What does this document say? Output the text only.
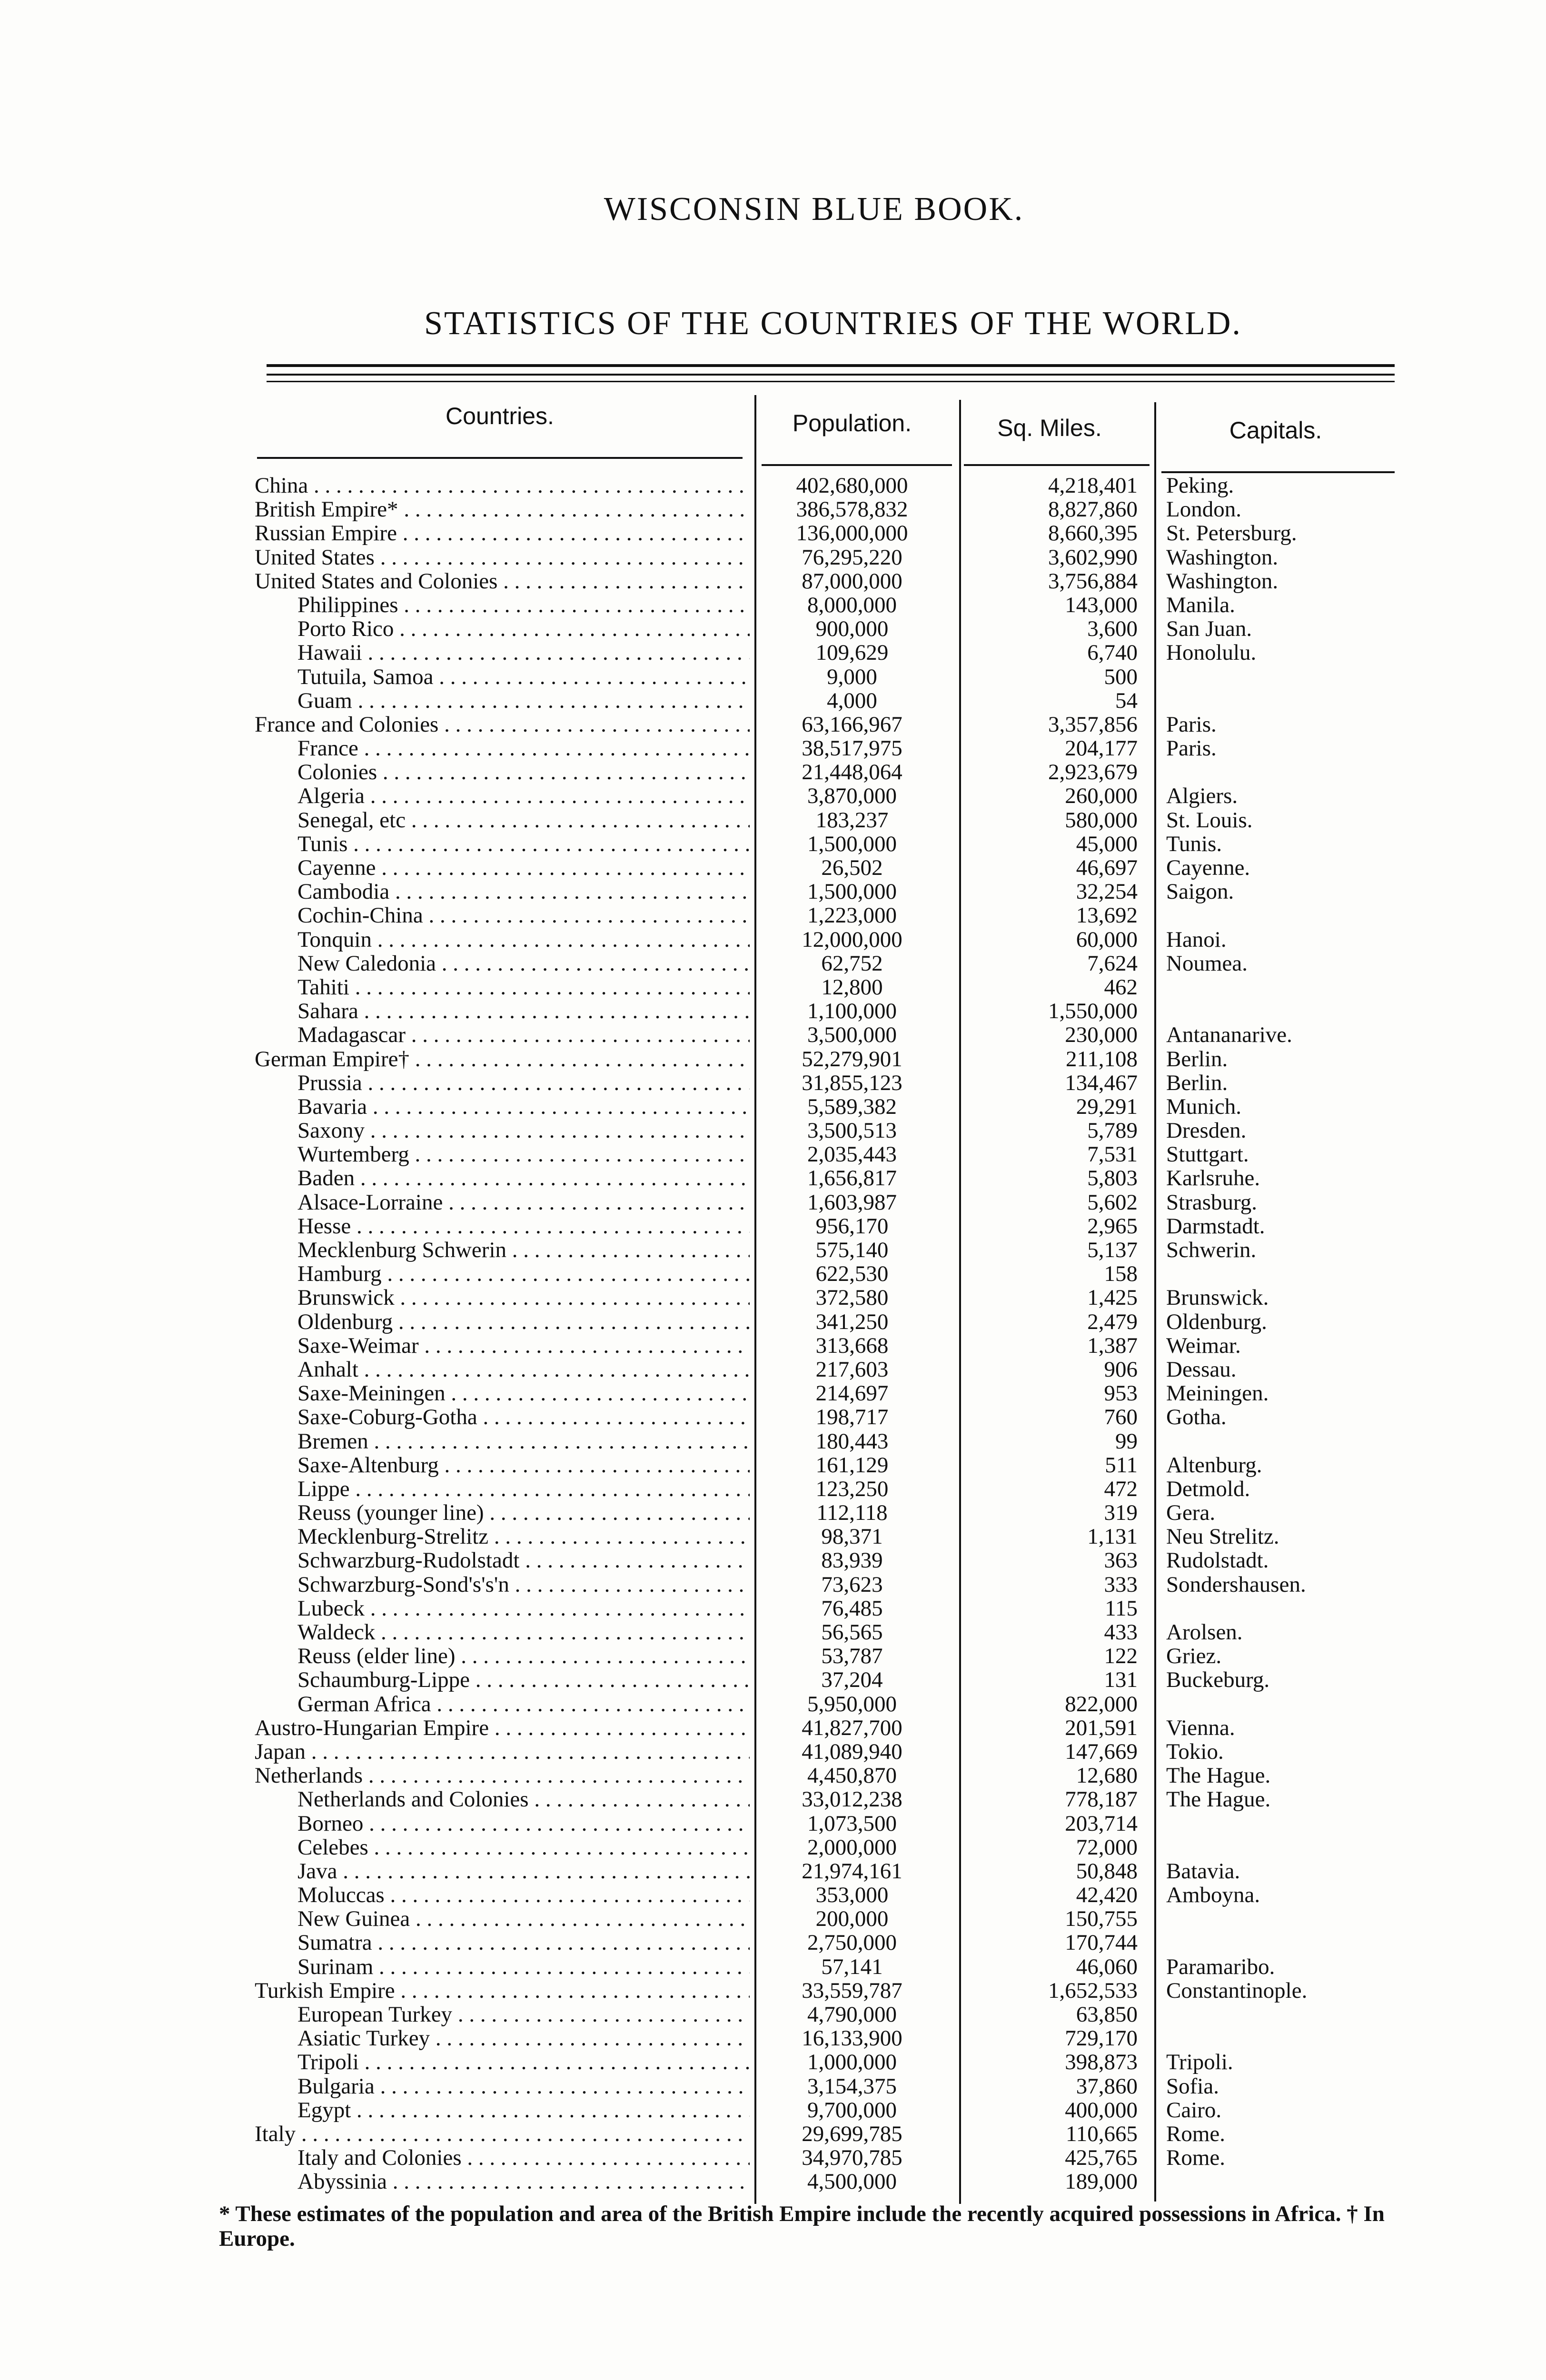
WISCONSIN BLUE BOOK.
STATISTICS OF THE COUNTRIES OF THE WORLD.
Countries.	Population.	Sq. Miles.	Capitals.
China . . .	402,680,000	4,218,401 Peking.
British Empire* . . .	386,578,832	8,827,860 London.
Russian Empire . . .	136,000,000	8,660,395 St. Petersburg.
United States . . .	76,295,220	3,602,990 Washington.
United States and Colonies . . .	87,000,000	3,756,884 Washington.
Philippines . . .	8,000,000	143,000 Manila.
Porto Rico . . .	900,000	3,600 San Juan.
Hawaii . . .	109,629	6,740 Honolulu.
Tutuila, Samoa . . .	9,000	500
Guam . . .	4,000	54
France and Colonies . . .	63,166,967	3,357,856 Paris.
France . . .	38,517,975	204,177 Paris.
Colonies . . .	21,448,064	2,923,679
Algeria . . .	3,870,000	260,000 Algiers.
Senegal, etc . . .	183,237	580,000 St. Louis.
Tunis . . .	1,500,000	45,000 Tunis.
Cayenne . . .	26,502	46,697 Cayenne.
Cambodia . . .	1,500,000	32,254 Saigon.
Cochin-China . . .	1,223,000	13,692
Tonquin . . .	12,000,000	60,000 Hanoi.
New Caledonia . . .	62,752	7,624 Noumea.
Tahiti . . .	12,800	462
Sahara . . .	1,100,000	1,550,000
Madagascar . . .	3,500,000	230,000 Antananarive.
German Empire† . . .	52,279,901	211,108 Berlin.
Prussia . . .	31,855,123	134,467 Berlin.
Bavaria . . .	5,589,382	29,291 Munich.
Saxony . . .	3,500,513	5,789 Dresden.
Wurtemberg . . .	2,035,443	7,531 Stuttgart.
Baden . . .	1,656,817	5,803 Karlsruhe.
Alsace-Lorraine . . .	1,603,987	5,602 Strasburg.
Hesse . . .	956,170	2,965 Darmstadt.
Mecklenburg Schwerin . . .	575,140	5,137 Schwerin.
Hamburg . . .	622,530	158
Brunswick . . .	372,580	1,425 Brunswick.
Oldenburg . . .	341,250	2,479 Oldenburg.
Saxe-Weimar . . .	313,668	1,387 Weimar.
Anhalt . . .	217,603	906 Dessau.
Saxe-Meiningen . . .	214,697	953 Meiningen.
Saxe-Coburg-Gotha . . .	198,717	760 Gotha.
Bremen . . .	180,443	99
Saxe-Altenburg . . .	161,129	511 Altenburg.
Lippe . . .	123,250	472 Detmold.
Reuss (younger line) . . .	112,118	319 Gera.
Mecklenburg-Strelitz . . .	98,371	1,131 Neu Strelitz.
Schwarzburg-Rudolstadt . . .	83,939	363 Rudolstadt.
Schwarzburg-Sond's's'n . . .	73,623	333 Sondershausen.
Lubeck . . .	76,485	115
Waldeck . . .	56,565	433 Arolsen.
Reuss (elder line) . . .	53,787	122 Griez.
Schaumburg-Lippe . . .	37,204	131 Buckeburg.
German Africa . . .	5,950,000	822,000
Austro-Hungarian Empire . . .	41,827,700	201,591 Vienna.
Japan . . .	41,089,940	147,669 Tokio.
Netherlands . . .	4,450,870	12,680 The Hague.
Netherlands and Colonies . . .	33,012,238	778,187 The Hague.
Borneo . . .	1,073,500	203,714
Celebes . . .	2,000,000	72,000
Java . . .	21,974,161	50,848 Batavia.
Moluccas . . .	353,000	42,420 Amboyna.
New Guinea . . .	200,000	150,755
Sumatra . . .	2,750,000	170,744
Surinam . . .	57,141	46,060 Paramaribo.
Turkish Empire . . .	33,559,787	1,652,533 Constantinople.
European Turkey . . .	4,790,000	63,850
Asiatic Turkey . . .	16,133,900	729,170
Tripoli . . .	1,000,000	398,873 Tripoli.
Bulgaria . . .	3,154,375	37,860 Sofia.
Egypt . . .	9,700,000	400,000 Cairo.
Italy . . .	29,699,785	110,665 Rome.
Italy and Colonies . . .	34,970,785	425,765 Rome.
Abyssinia . . .	4,500,000	189,000
* These estimates of the population and area of the British Empire include the recently acquired possessions in Africa. † In Europe.
